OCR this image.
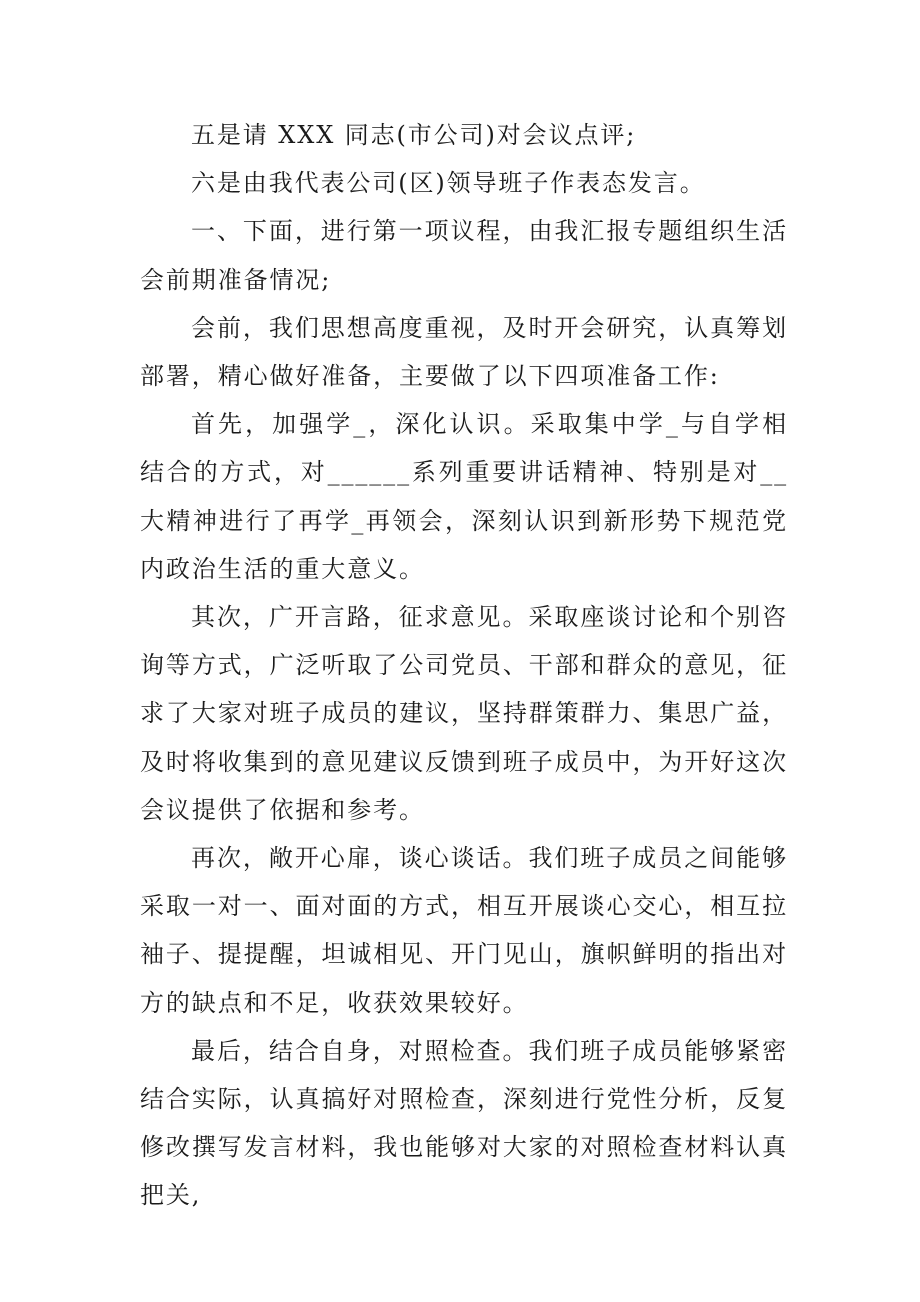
五是请 XXX 同志(市公司)对会议点评;

六是由我代表公司(区)领导班子作表态发言。

一、下面，进行第一项议程，由我汇报专题组织生活会前期准备情况;

会前，我们思想高度重视，及时开会研究，认真筹划部署，精心做好准备，主要做了以下四项准备工作:

首先，加强学_，深化认识。采取集中学_与自学相结合的方式，对______系列重要讲话精神、特别是对__大精神进行了再学_再领会，深刻认识到新形势下规范党内政治生活的重大意义。

其次，广开言路，征求意见。采取座谈讨论和个别咨询等方式，广泛听取了公司党员、干部和群众的意见，征求了大家对班子成员的建议，坚持群策群力、集思广益，及时将收集到的意见建议反馈到班子成员中，为开好这次会议提供了依据和参考。

再次，敞开心扉，谈心谈话。我们班子成员之间能够采取一对一、面对面的方式，相互开展谈心交心，相互拉袖子、提提醒，坦诚相见、开门见山，旗帜鲜明的指出对方的缺点和不足，收获效果较好。

最后，结合自身，对照检查。我们班子成员能够紧密结合实际，认真搞好对照检查，深刻进行党性分析，反复修改撰写发言材料，我也能够对大家的对照检查材料认真把关,
